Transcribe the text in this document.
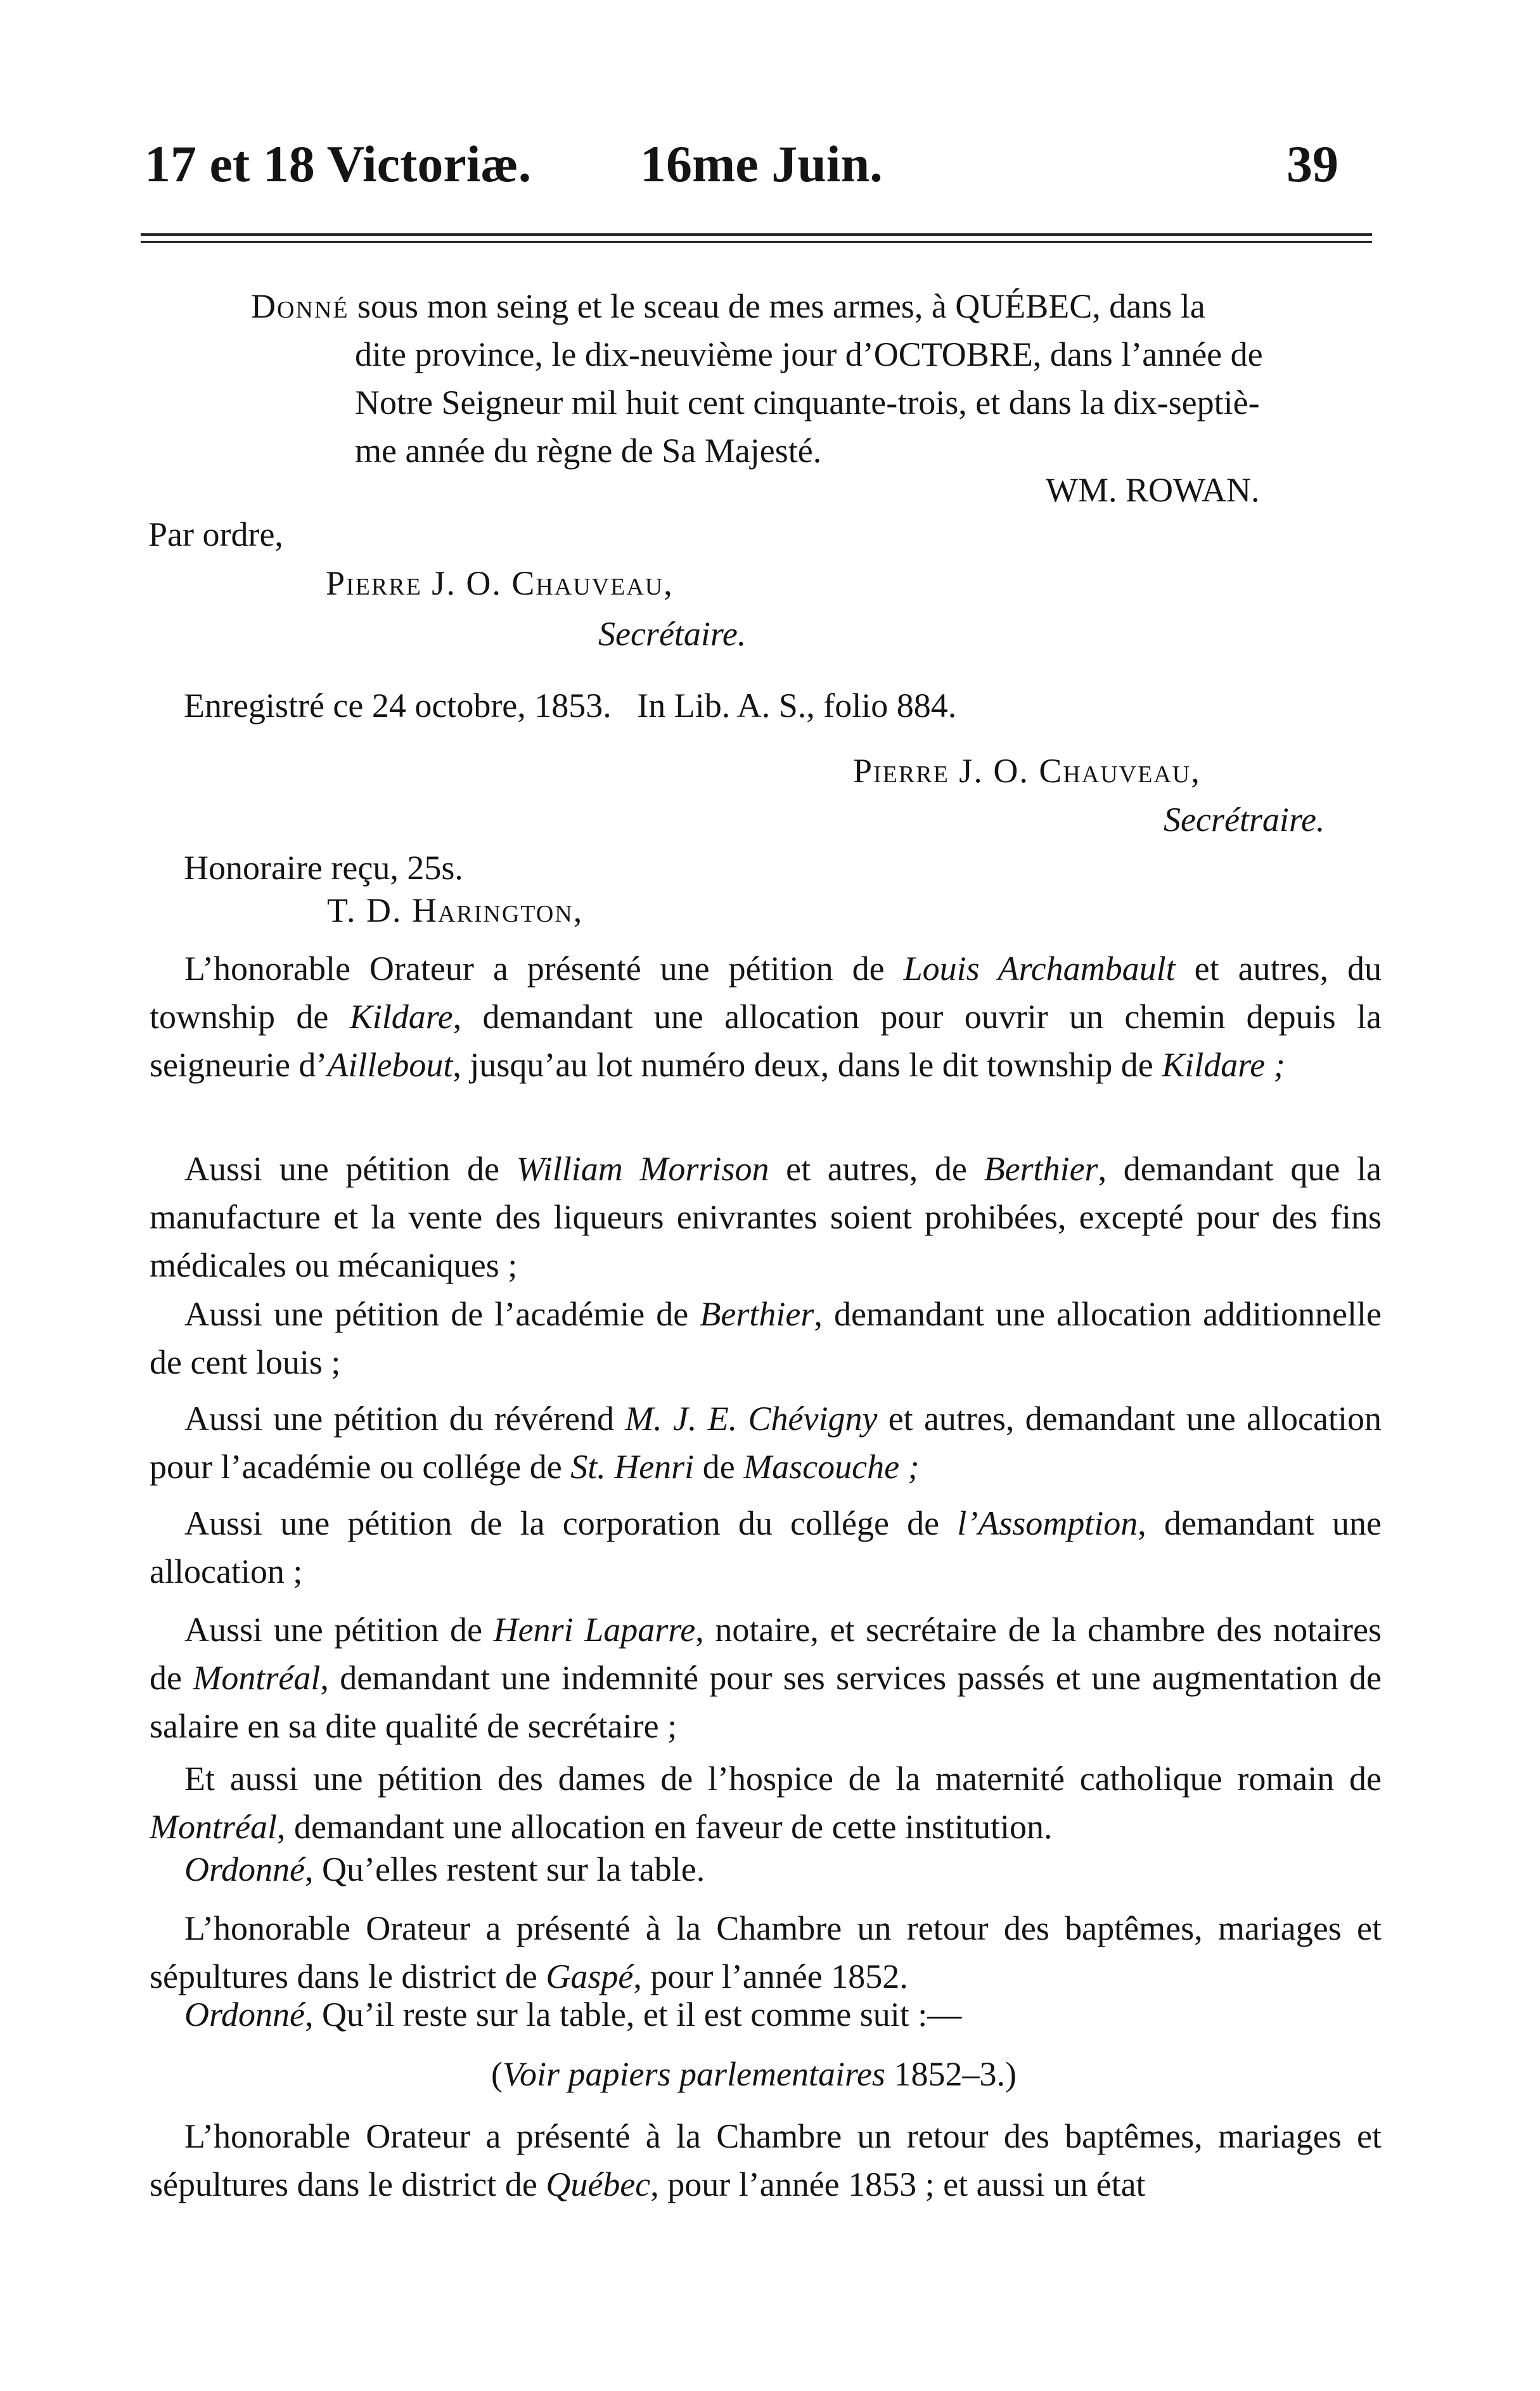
17 et 18 Victoriæ. 16me Juin.	39
Donné sous mon seing et le sceau de mes armes, à QUÉBEC, dans la
dite province, le dix-neuvième jour d’OCTOBRE, dans l’année de
Notre Seigneur mil huit cent cinquante-trois, et dans la dix-septiè-
me année du règne de Sa Majesté.
WM. ROWAN.
Par ordre,
Pierre J. O. Chauveau,
Secrétaire.
Enregistré ce 24 octobre, 1853.   In Lib. A. S., folio 884.
Pierre J. O. Chauveau,
Secrétraire.
Honoraire reçu, 25s.
T. D. Harington,

L’honorable Orateur a présenté une pétition de Louis Archambault et autres, du township de Kildare, demandant une allocation pour ouvrir un chemin depuis la seigneurie d’Aillebout, jusqu’au lot numéro deux, dans le dit township de Kildare ;

Aussi une pétition de William Morrison et autres, de Berthier, demandant que la manufacture et la vente des liqueurs enivrantes soient prohibées, excepté pour des fins médicales ou mécaniques ;

Aussi une pétition de l’académie de Berthier, demandant une allocation additionnelle de cent louis ;

Aussi une pétition du révérend M. J. E. Chévigny et autres, demandant une allocation pour l’académie ou collége de St. Henri de Mascouche ;

Aussi une pétition de la corporation du collége de l’Assomption, demandant une allocation ;

Aussi une pétition de Henri Laparre, notaire, et secrétaire de la chambre des notaires de Montréal, demandant une indemnité pour ses services passés et une augmentation de salaire en sa dite qualité de secrétaire ;

Et aussi une pétition des dames de l’hospice de la maternité catholique romain de Montréal, demandant une allocation en faveur de cette institution.

Ordonné, Qu’elles restent sur la table.

L’honorable Orateur a présenté à la Chambre un retour des baptêmes, mariages et sépultures dans le district de Gaspé, pour l’année 1852.

Ordonné, Qu’il reste sur la table, et il est comme suit :—

(Voir papiers parlementaires 1852–3.)

L’honorable Orateur a présenté à la Chambre un retour des baptêmes, mariages et sépultures dans le district de Québec, pour l’année 1853 ; et aussi un état
